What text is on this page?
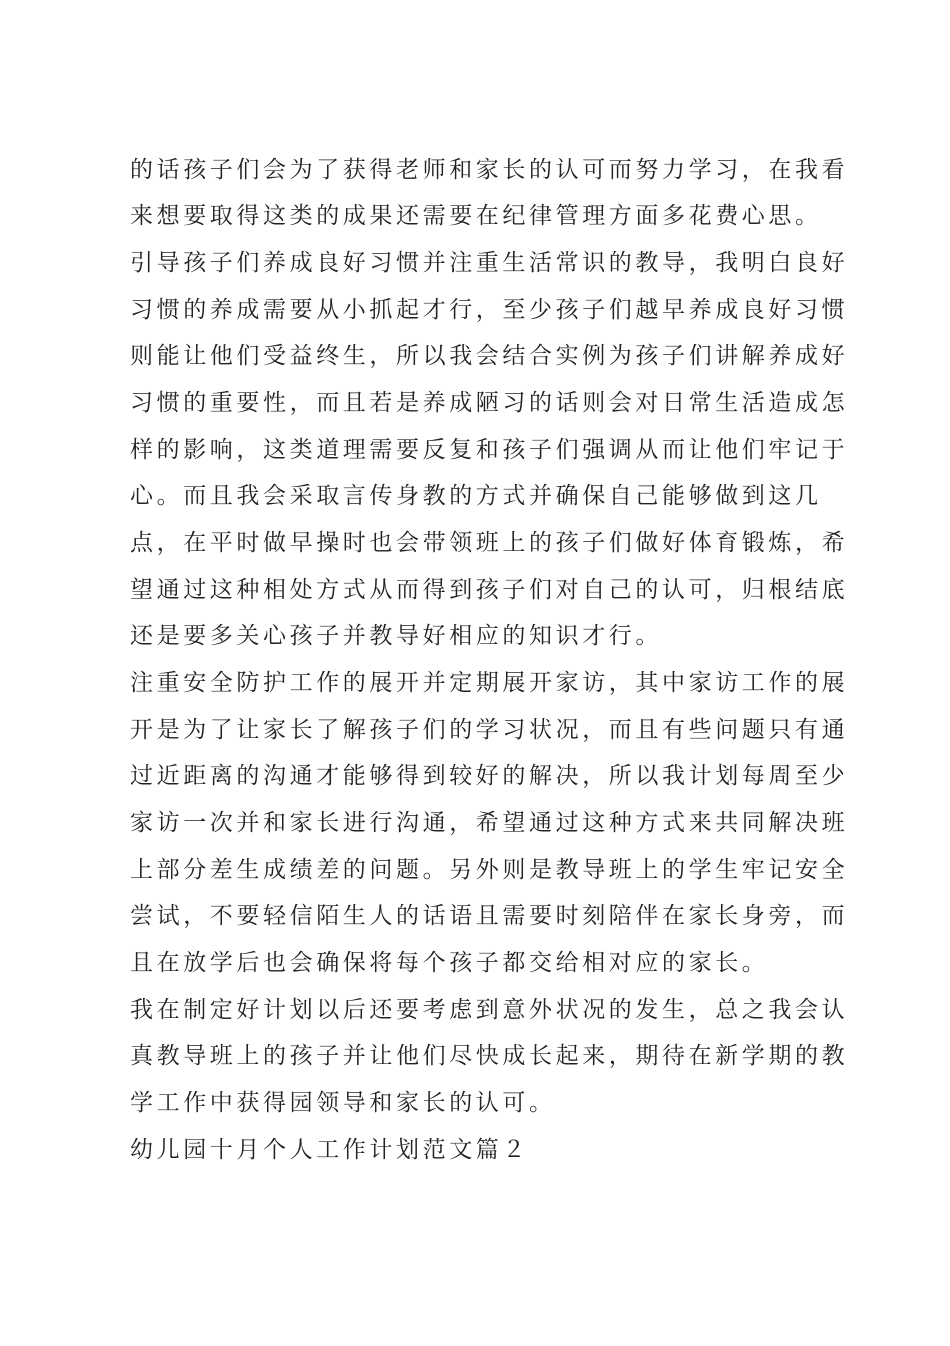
的话孩子们会为了获得老师和家长的认可而努力学习，在我看
来想要取得这类的成果还需要在纪律管理方面多花费心思。
引导孩子们养成良好习惯并注重生活常识的教导，我明白良好
习惯的养成需要从小抓起才行，至少孩子们越早养成良好习惯
则能让他们受益终生，所以我会结合实例为孩子们讲解养成好
习惯的重要性，而且若是养成陋习的话则会对日常生活造成怎
样的影响，这类道理需要反复和孩子们强调从而让他们牢记于
心。而且我会采取言传身教的方式并确保自己能够做到这几
点，在平时做早操时也会带领班上的孩子们做好体育锻炼，希
望通过这种相处方式从而得到孩子们对自己的认可，归根结底
还是要多关心孩子并教导好相应的知识才行。
注重安全防护工作的展开并定期展开家访，其中家访工作的展
开是为了让家长了解孩子们的学习状况，而且有些问题只有通
过近距离的沟通才能够得到较好的解决，所以我计划每周至少
家访一次并和家长进行沟通，希望通过这种方式来共同解决班
上部分差生成绩差的问题。另外则是教导班上的学生牢记安全
尝试，不要轻信陌生人的话语且需要时刻陪伴在家长身旁，而
且在放学后也会确保将每个孩子都交给相对应的家长。
我在制定好计划以后还要考虑到意外状况的发生，总之我会认
真教导班上的孩子并让他们尽快成长起来，期待在新学期的教
学工作中获得园领导和家长的认可。
幼儿园十月个人工作计划范文篇２
